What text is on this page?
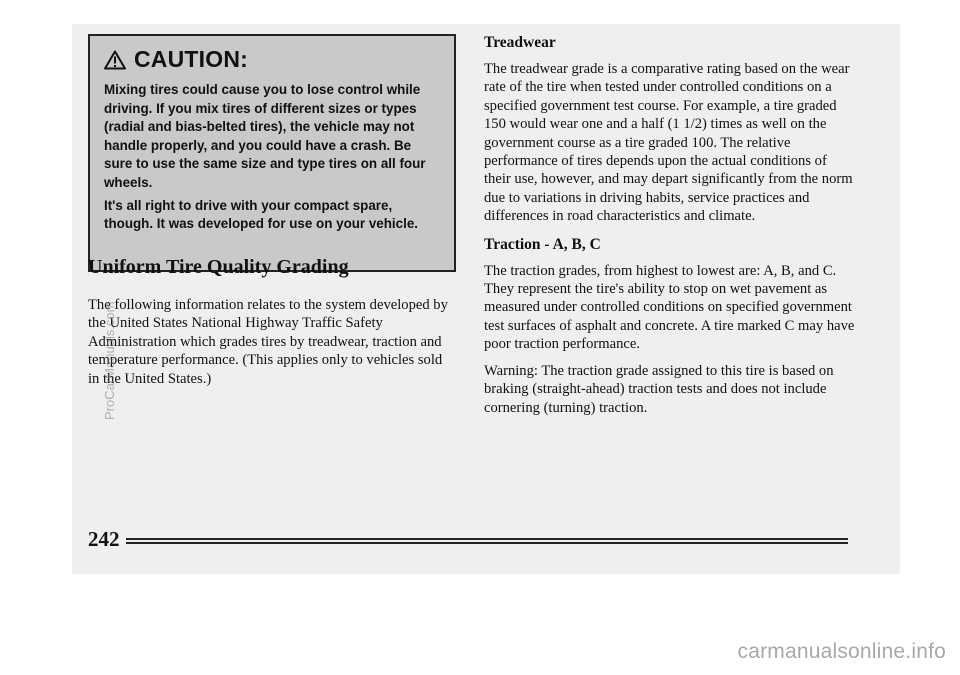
CAUTION:

Mixing tires could cause you to lose control while driving. If you mix tires of different sizes or types (radial and bias-belted tires), the vehicle may not handle properly, and you could have a crash. Be sure to use the same size and type tires on all four wheels.

It's all right to drive with your compact spare, though. It was developed for use on your vehicle.

Uniform Tire Quality Grading

The following information relates to the system developed by the United States National Highway Traffic Safety Administration which grades tires by treadwear, traction and temperature performance. (This applies only to vehicles sold in the United States.)

Treadwear

The treadwear grade is a comparative rating based on the wear rate of the tire when tested under controlled conditions on a specified government test course. For example, a tire graded 150 would wear one and a half (1 1/2) times as well on the government course as a tire graded 100. The relative performance of tires depends upon the actual conditions of their use, however, and may depart significantly from the norm due to variations in driving habits, service practices and differences in road characteristics and climate.

Traction - A, B, C

The traction grades, from highest to lowest are: A, B, and C. They represent the tire's ability to stop on wet pavement as measured under controlled conditions on specified government test surfaces of asphalt and concrete. A tire marked C may have poor traction performance.

Warning: The traction grade assigned to this tire is based on braking (straight-ahead) traction tests and does not include cornering (turning) traction.

242
ProCarManuals.com
carmanualsonline.info
